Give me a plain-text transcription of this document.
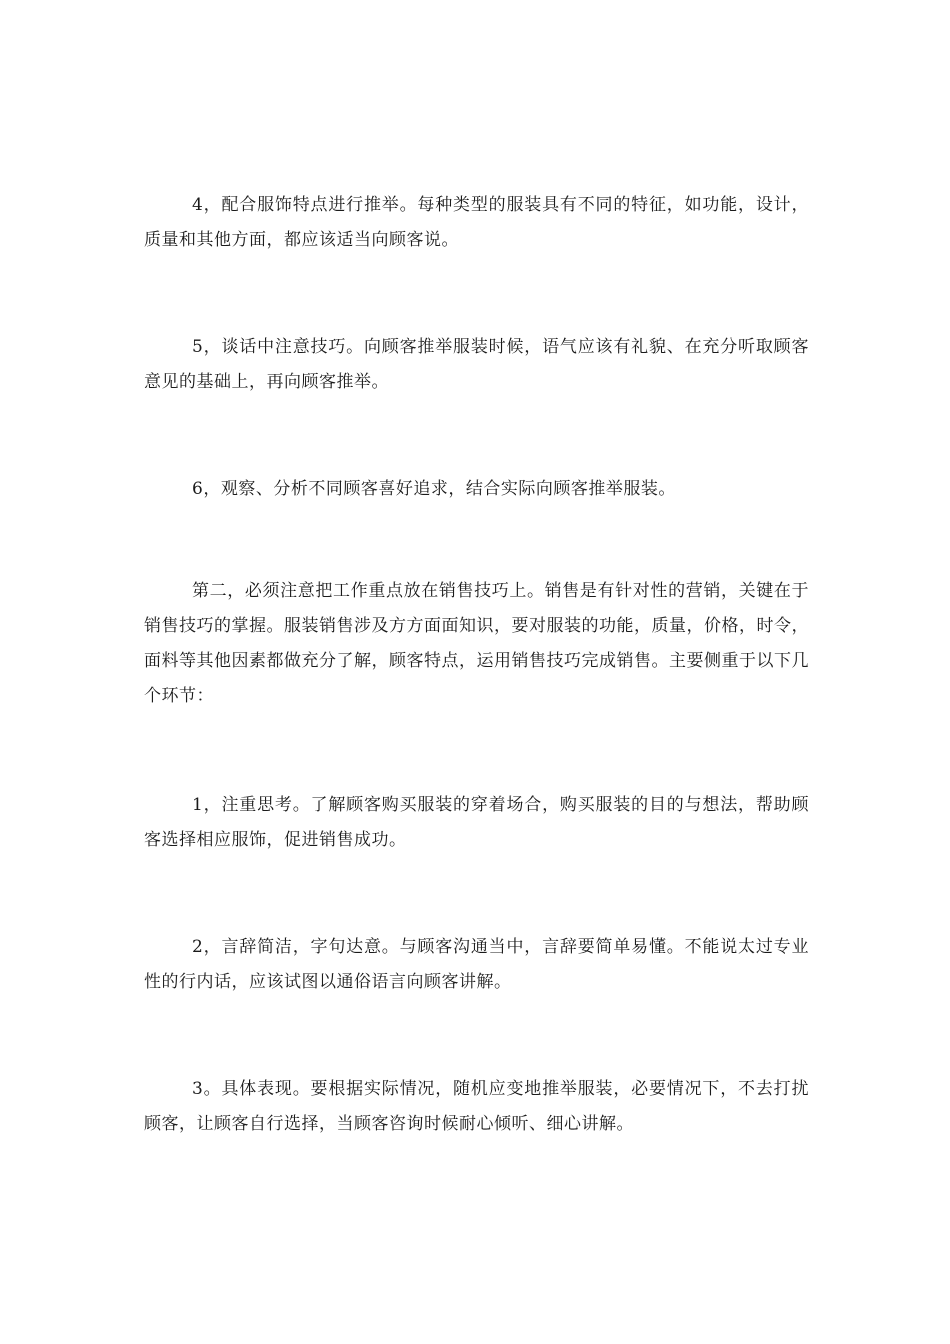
4，配合服饰特点进行推举。每种类型的服装具有不同的特征，如功能，设计，质量和其他方面，都应该适当向顾客说。

5，谈话中注意技巧。向顾客推举服装时候，语气应该有礼貌、在充分听取顾客意见的基础上，再向顾客推举。

6，观察、分析不同顾客喜好追求，结合实际向顾客推举服装。

第二，必须注意把工作重点放在销售技巧上。销售是有针对性的营销，关键在于销售技巧的掌握。服装销售涉及方方面面知识，要对服装的功能，质量，价格，时令，面料等其他因素都做充分了解，顾客特点，运用销售技巧完成销售。主要侧重于以下几个环节：

1，注重思考。了解顾客购买服装的穿着场合，购买服装的目的与想法，帮助顾客选择相应服饰，促进销售成功。

2，言辞简洁，字句达意。与顾客沟通当中，言辞要简单易懂。不能说太过专业性的行内话，应该试图以通俗语言向顾客讲解。

3。具体表现。要根据实际情况，随机应变地推举服装，必要情况下，不去打扰顾客，让顾客自行选择，当顾客咨询时候耐心倾听、细心讲解。
